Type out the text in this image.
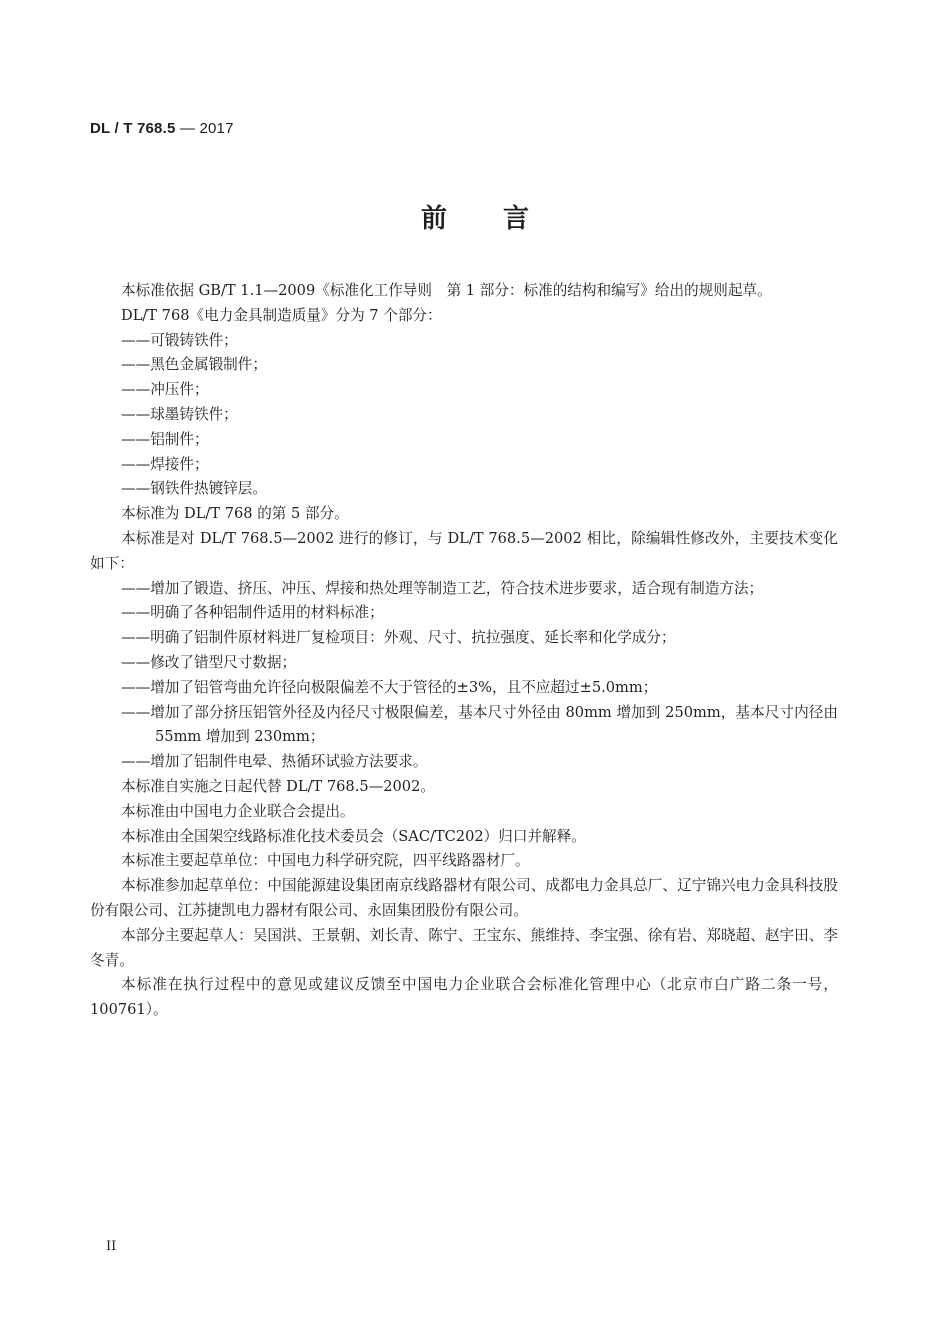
DL / T 768.5 — 2017
前言

本标准依据 GB/T 1.1—2009《标准化工作导则　第 1 部分：标准的结构和编写》给出的规则起草。

DL/T 768《电力金具制造质量》分为 7 个部分：

——可锻铸铁件；

——黑色金属锻制件；

——冲压件；

——球墨铸铁件；

——铝制件；

——焊接件；

——钢铁件热镀锌层。

本标准为 DL/T 768 的第 5 部分。

本标准是对 DL/T 768.5—2002 进行的修订，与 DL/T 768.5—2002 相比，除编辑性修改外，主要技术变化如下：

——增加了锻造、挤压、冲压、焊接和热处理等制造工艺，符合技术进步要求，适合现有制造方法；

——明确了各种铝制件适用的材料标准；

——明确了铝制件原材料进厂复检项目：外观、尺寸、抗拉强度、延长率和化学成分；

——修改了错型尺寸数据；

——增加了铝管弯曲允许径向极限偏差不大于管径的±3%，且不应超过±5.0mm；

——增加了部分挤压铝管外径及内径尺寸极限偏差，基本尺寸外径由 80mm 增加到 250mm，基本尺寸内径由 55mm 增加到 230mm；

——增加了铝制件电晕、热循环试验方法要求。

本标准自实施之日起代替 DL/T 768.5—2002。

本标准由中国电力企业联合会提出。

本标准由全国架空线路标准化技术委员会（SAC/TC202）归口并解释。

本标准主要起草单位：中国电力科学研究院，四平线路器材厂。

本标准参加起草单位：中国能源建设集团南京线路器材有限公司、成都电力金具总厂、辽宁锦兴电力金具科技股份有限公司、江苏捷凯电力器材有限公司、永固集团股份有限公司。

本部分主要起草人：吴国洪、王景朝、刘长青、陈宁、王宝东、熊维持、李宝强、徐有岩、郑晓超、赵宇田、李冬青。

本标准在执行过程中的意见或建议反馈至中国电力企业联合会标准化管理中心（北京市白广路二条一号，100761）。

II
